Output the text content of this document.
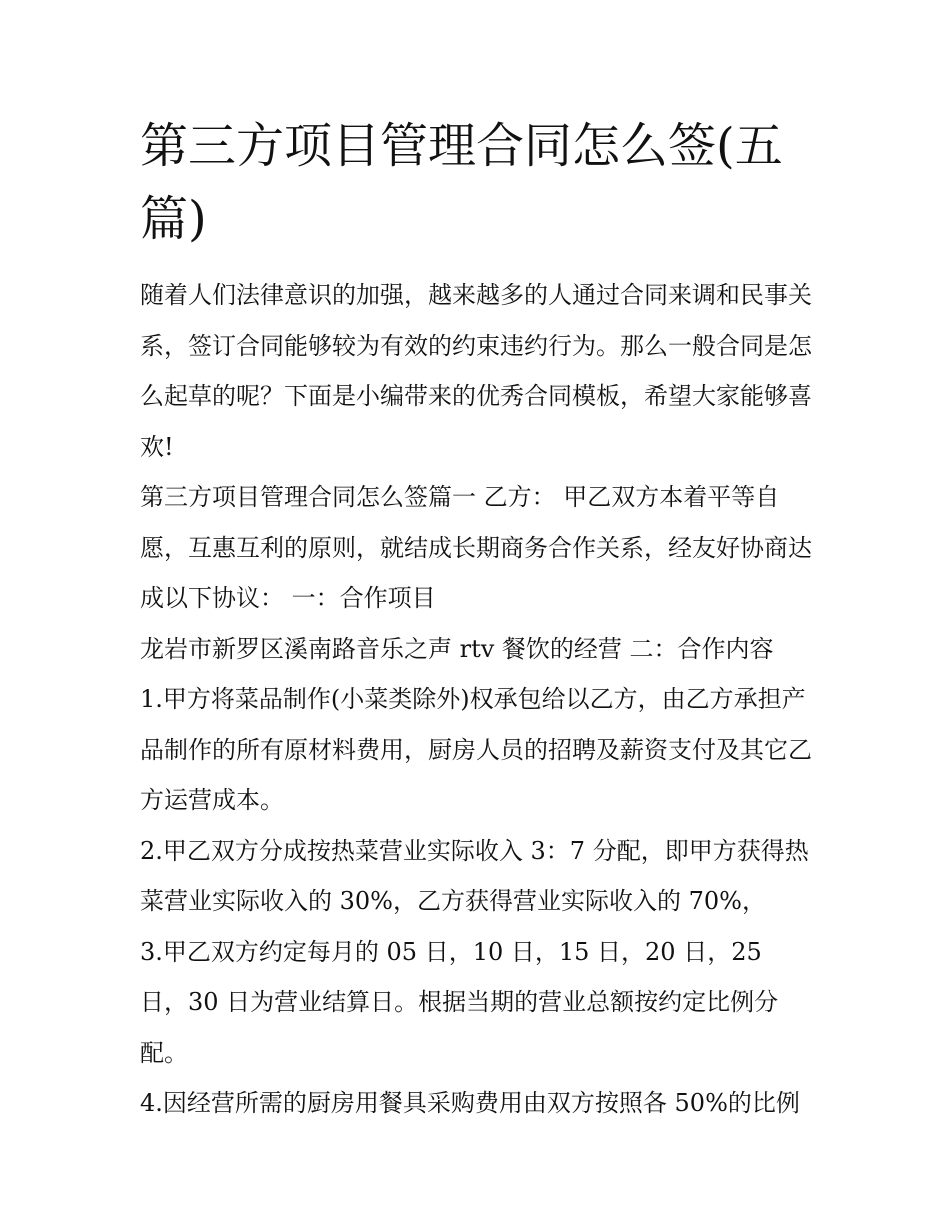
第三方项目管理合同怎么签(五篇)

随着人们法律意识的加强，越来越多的人通过合同来调和民事关系，签订合同能够较为有效的约束违约行为。那么一般合同是怎么起草的呢？下面是小编带来的优秀合同模板，希望大家能够喜欢!

第三方项目管理合同怎么签篇一 乙方： 甲乙双方本着平等自愿，互惠互利的原则，就结成长期商务合作关系，经友好协商达成以下协议： 一：合作项目

龙岩市新罗区溪南路音乐之声 rtv 餐饮的经营 二：合作内容

1.甲方将菜品制作(小菜类除外)权承包给以乙方，由乙方承担产品制作的所有原材料费用，厨房人员的招聘及薪资支付及其它乙方运营成本。

2.甲乙双方分成按热菜营业实际收入 3：7 分配，即甲方获得热菜营业实际收入的 30%，乙方获得营业实际收入的 70%，

3.甲乙双方约定每月的 05 日，10 日，15 日，20 日，25 日，30 日为营业结算日。根据当期的营业总额按约定比例分配。

4.因经营所需的厨房用餐具采购费用由双方按照各 50%的比例
